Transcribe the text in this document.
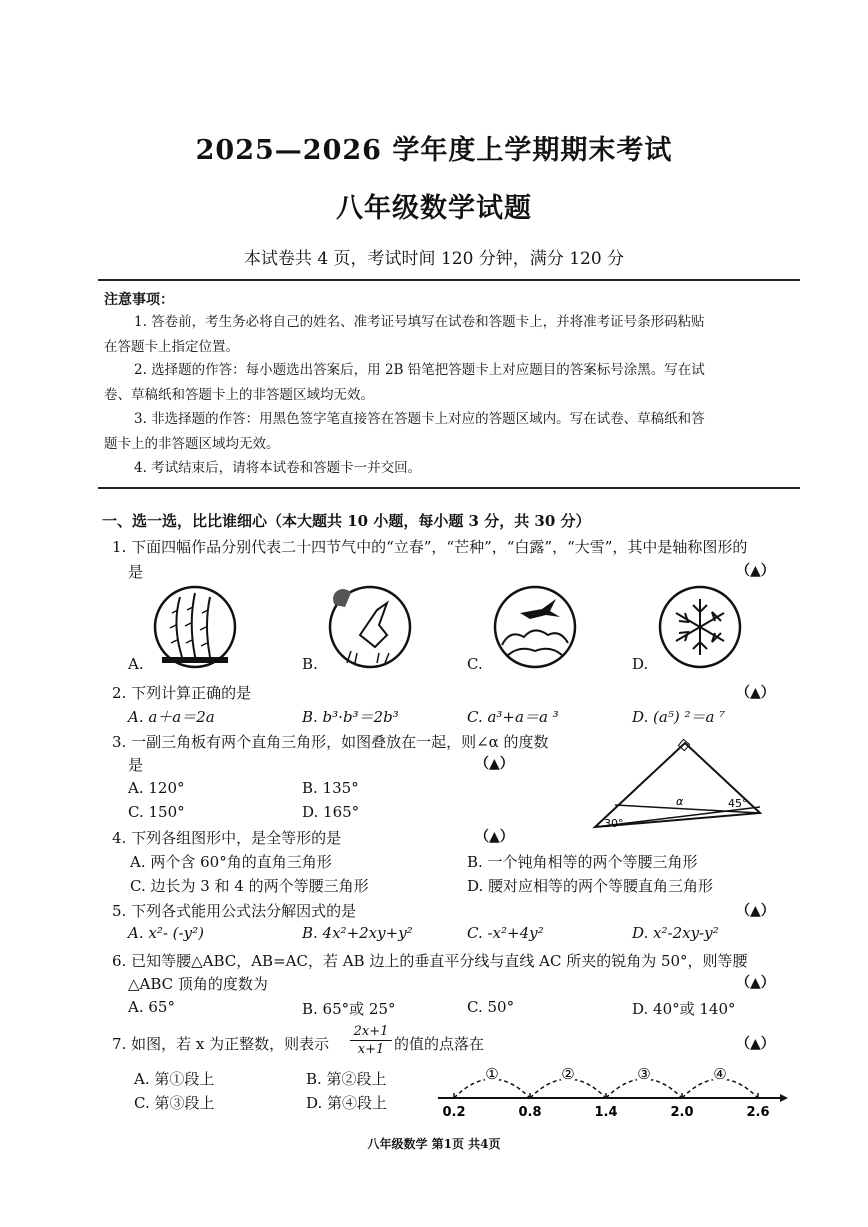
2025—2026 学年度上学期期末考试
八年级数学试题
本试卷共 4 页，考试时间 120 分钟，满分 120 分
注意事项：
1. 答卷前，考生务必将自己的姓名、准考证号填写在试卷和答题卡上，并将准考证号条形码粘贴
在答题卡上指定位置。
2. 选择题的作答：每小题选出答案后，用 2B 铅笔把答题卡上对应题目的答案标号涂黑。写在试
卷、草稿纸和答题卡上的非答题区域均无效。
3. 非选择题的作答：用黑色签字笔直接答在答题卡上对应的答题区域内。写在试卷、草稿纸和答
题卡上的非答题区域均无效。
4. 考试结束后，请将本试卷和答题卡一并交回。
一、选一选，比比谁细心（本大题共 10 小题，每小题 3 分，共 30 分）
1. 下面四幅作品分别代表二十四节气中的“立春”，“芒种”，“白露”，“大雪”，其中是轴称图形的
是	（▲）
A.	B.	C.	D.
2. 下列计算正确的是	（▲）
A. a＋a＝2a	B. b³·b³＝2b³	C. a³+a＝a ³	D. (a⁵) ²＝a ⁷
3. 一副三角板有两个直角三角形，如图叠放在一起，则∠α 的度数
是	（▲）
A. 120°	B. 135°
C. 150°	D. 165°
α	45°
30°
4. 下列各组图形中，是全等形的是	（▲）
A. 两个含 60°角的直角三角形	B. 一个钝角相等的两个等腰三角形
C. 边长为 3 和 4 的两个等腰三角形	D. 腰对应相等的两个等腰直角三角形
5. 下列各式能用公式法分解因式的是	（▲）
A. x²- (-y²)	B. 4x²+2xy+y²	C. -x²+4y²	D. x²-2xy-y²
6. 已知等腰△ABC，AB=AC，若 AB 边上的垂直平分线与直线 AC 所夹的锐角为 50°，则等腰
△ABC 顶角的度数为	（▲）
A. 65°	B. 65°或 25°	C. 50°	D. 40°或 140°
7. 如图，若 x 为正整数，则表示 $\frac{2x+1}{x+1}$ 的值的点落在	（▲）
A. 第①段上	B. 第②段上
C. 第③段上	D. 第④段上
0.2	0.8	1.4	2.0	2.6
①	②	③	④
八年级数学 第1页 共4页
